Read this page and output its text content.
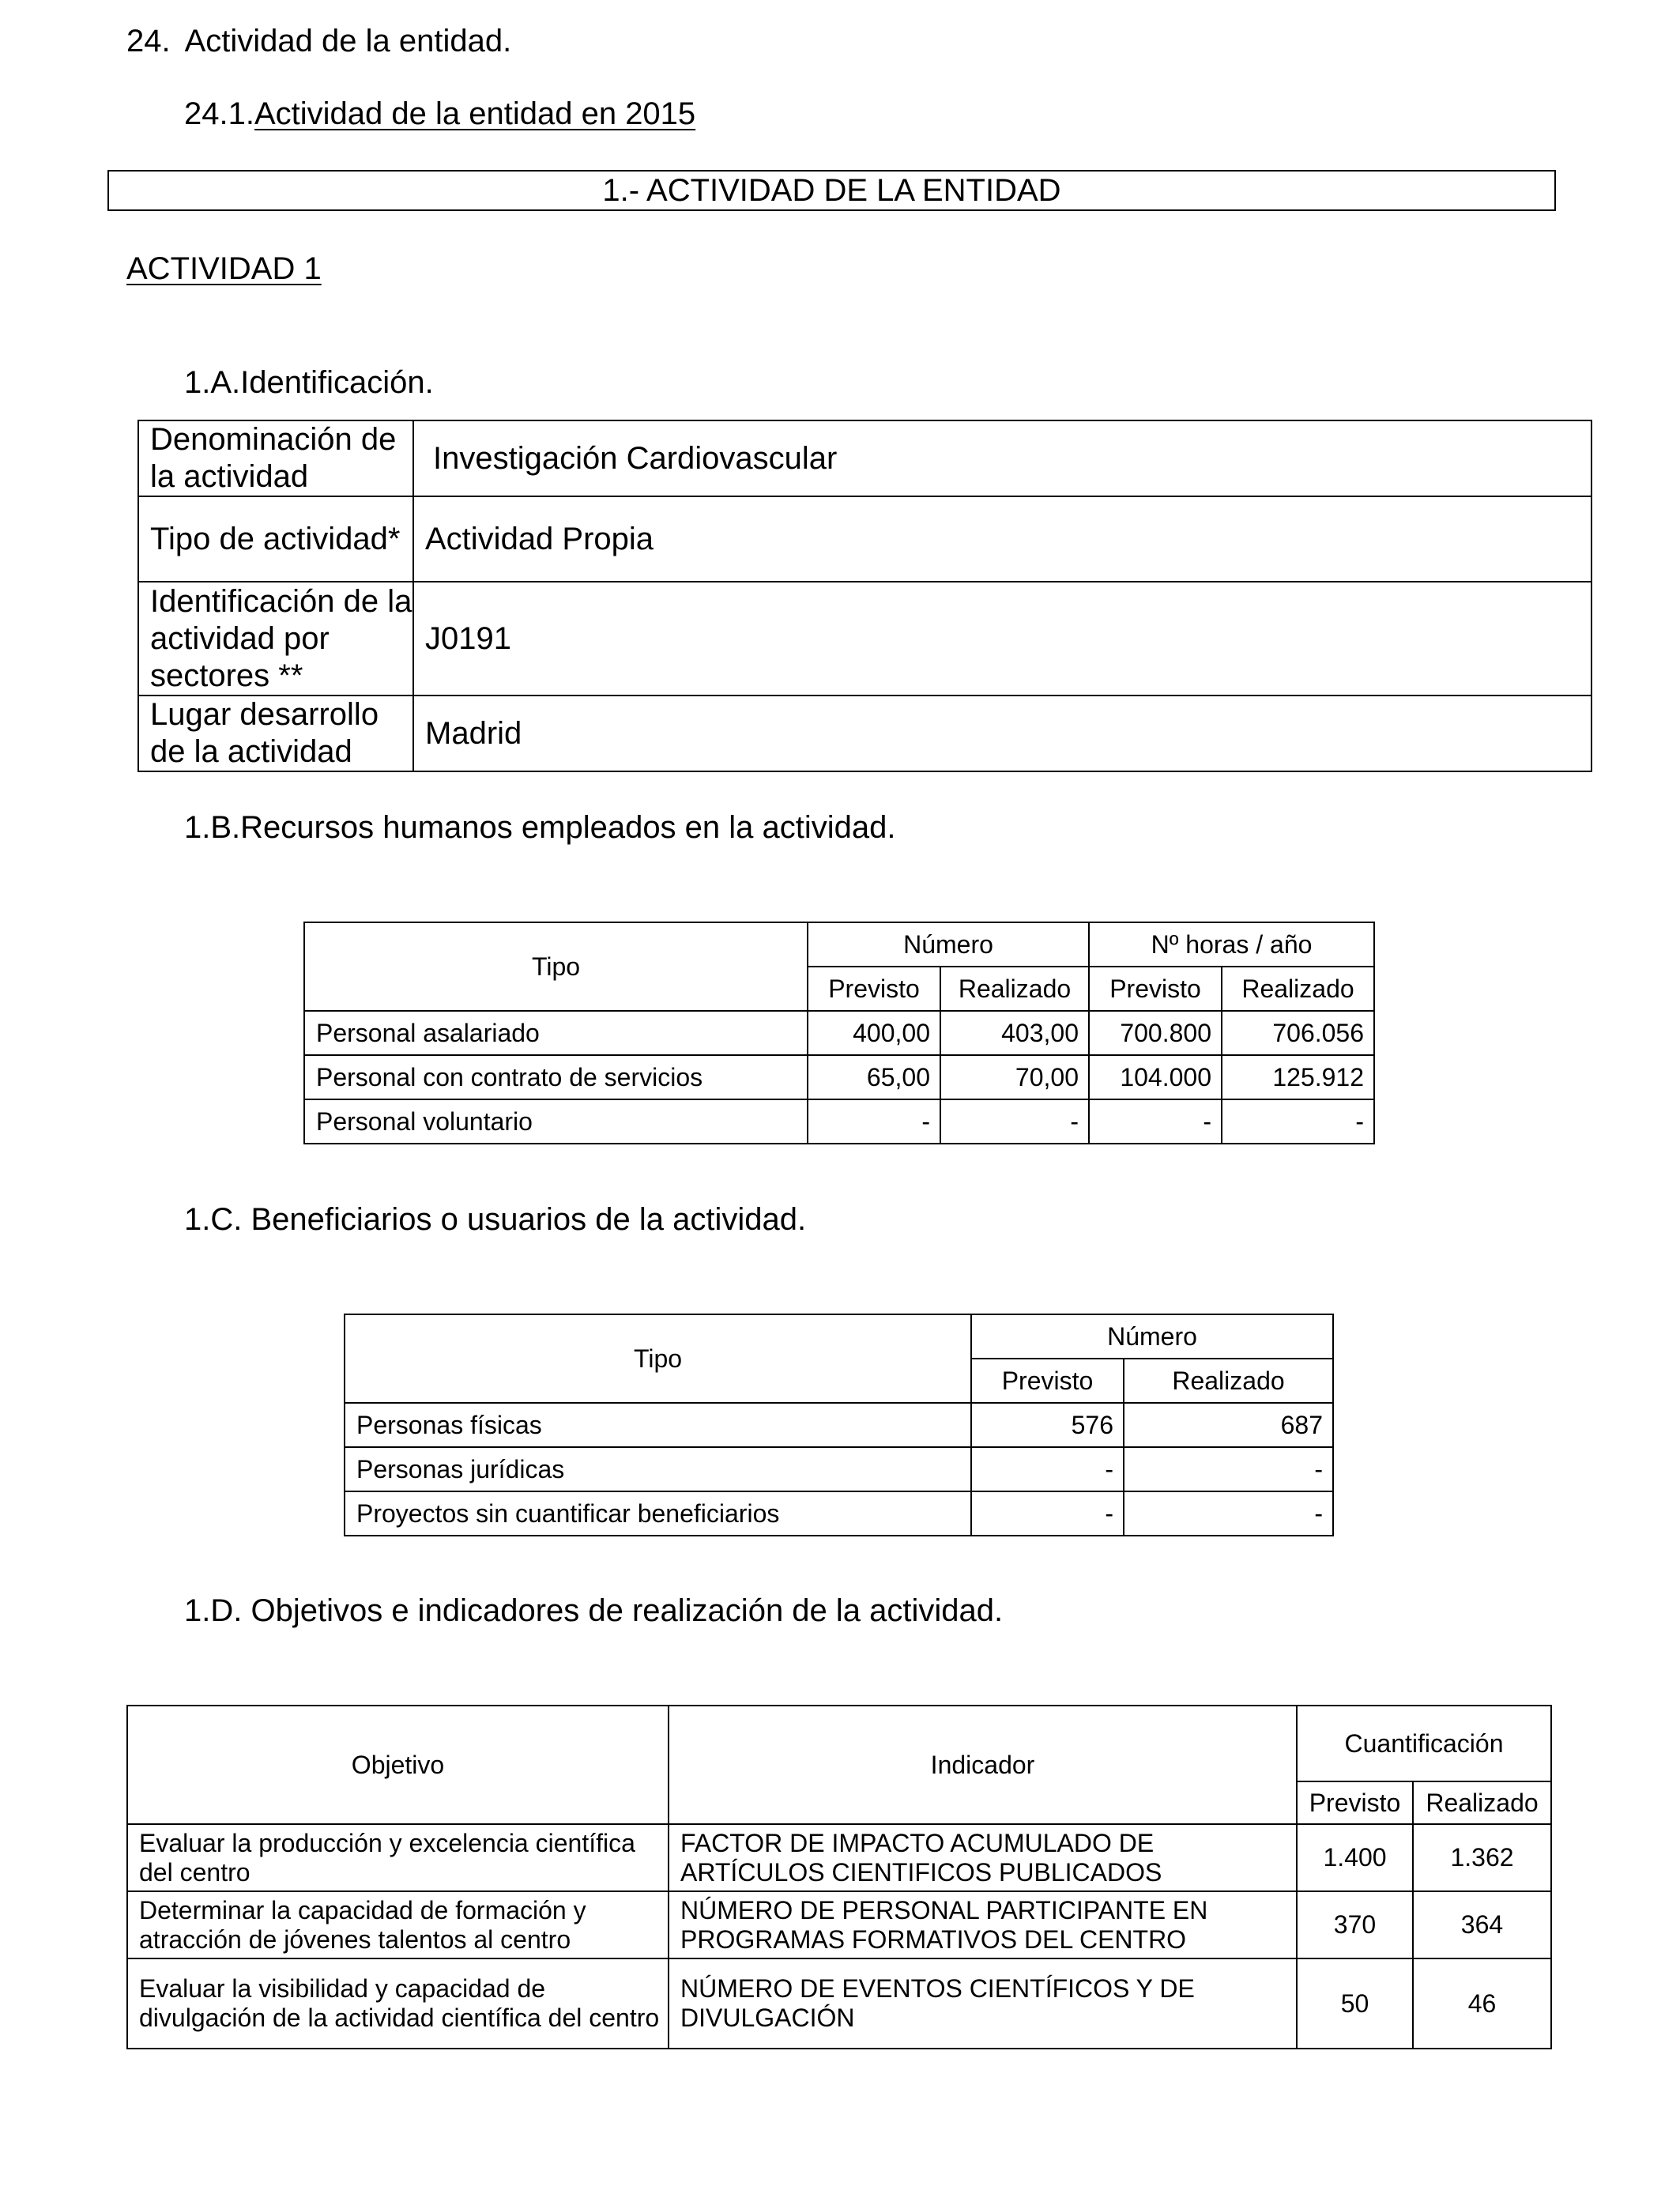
24. Actividad de la entidad.
24.1.Actividad de la entidad en 2015
1.- ACTIVIDAD DE LA ENTIDAD
ACTIVIDAD 1
1.A.Identificación.
Denominación de la actividad	Investigación Cardiovascular
Tipo de actividad*	Actividad Propia
Identificación de la actividad por sectores **	J0191
Lugar desarrollo de la actividad	Madrid
1.B.Recursos humanos empleados en la actividad.
Tipo	Número		Nº horas / año	
	Previsto	Realizado	Previsto	Realizado
Personal asalariado	400,00	403,00	700.800	706.056
Personal con contrato de servicios	65,00	70,00	104.000	125.912
Personal voluntario	-	-	-	-
1.C. Beneficiarios o usuarios de la actividad.
Tipo	Número	
	Previsto	Realizado
Personas físicas	576	687
Personas jurídicas	-	-
Proyectos sin cuantificar beneficiarios	-	-
1.D. Objetivos e indicadores de realización de la actividad.
Objetivo	Indicador	Cuantificación	
		Previsto	Realizado
Evaluar la producción y excelencia científica del centro	FACTOR DE IMPACTO ACUMULADO DE ARTÍCULOS CIENTIFICOS PUBLICADOS	1.400	1.362
Determinar la capacidad de formación y atracción de jóvenes talentos al centro	NÚMERO DE PERSONAL PARTICIPANTE EN PROGRAMAS FORMATIVOS DEL CENTRO	370	364
Evaluar la visibilidad y capacidad de divulgación de la actividad científica del centro	NÚMERO DE EVENTOS CIENTÍFICOS Y DE DIVULGACIÓN	50	46
